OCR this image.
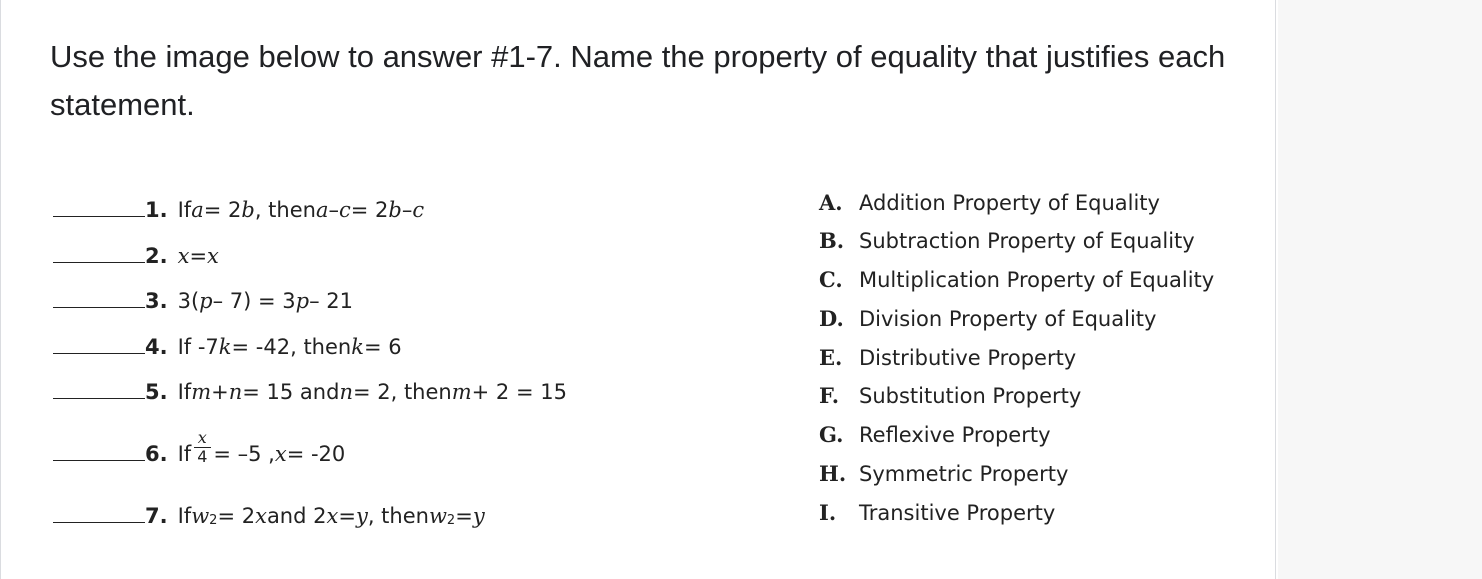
Use the image below to answer #1-7. Name the property of equality that justifies each statement.

1. If a = 2 b , then a – c = 2 b – c
2. x = x
3. 3( p – 7) = 3 p – 21
4. If -7 k = -42, then k = 6
5. If m + n = 15 and n = 2, then m + 2 = 15
6. If $\frac{x}{4} = -5$ , x = -20
7. If $w_2 = 2$ x and 2 x = y , then $w_2 = y$
A. Addition Property of Equality
B. Subtraction Property of Equality
C. Multiplication Property of Equality
D. Division Property of Equality
E. Distributive Property
F. Substitution Property
G. Reflexive Property
H. Symmetric Property
I. Transitive Property
